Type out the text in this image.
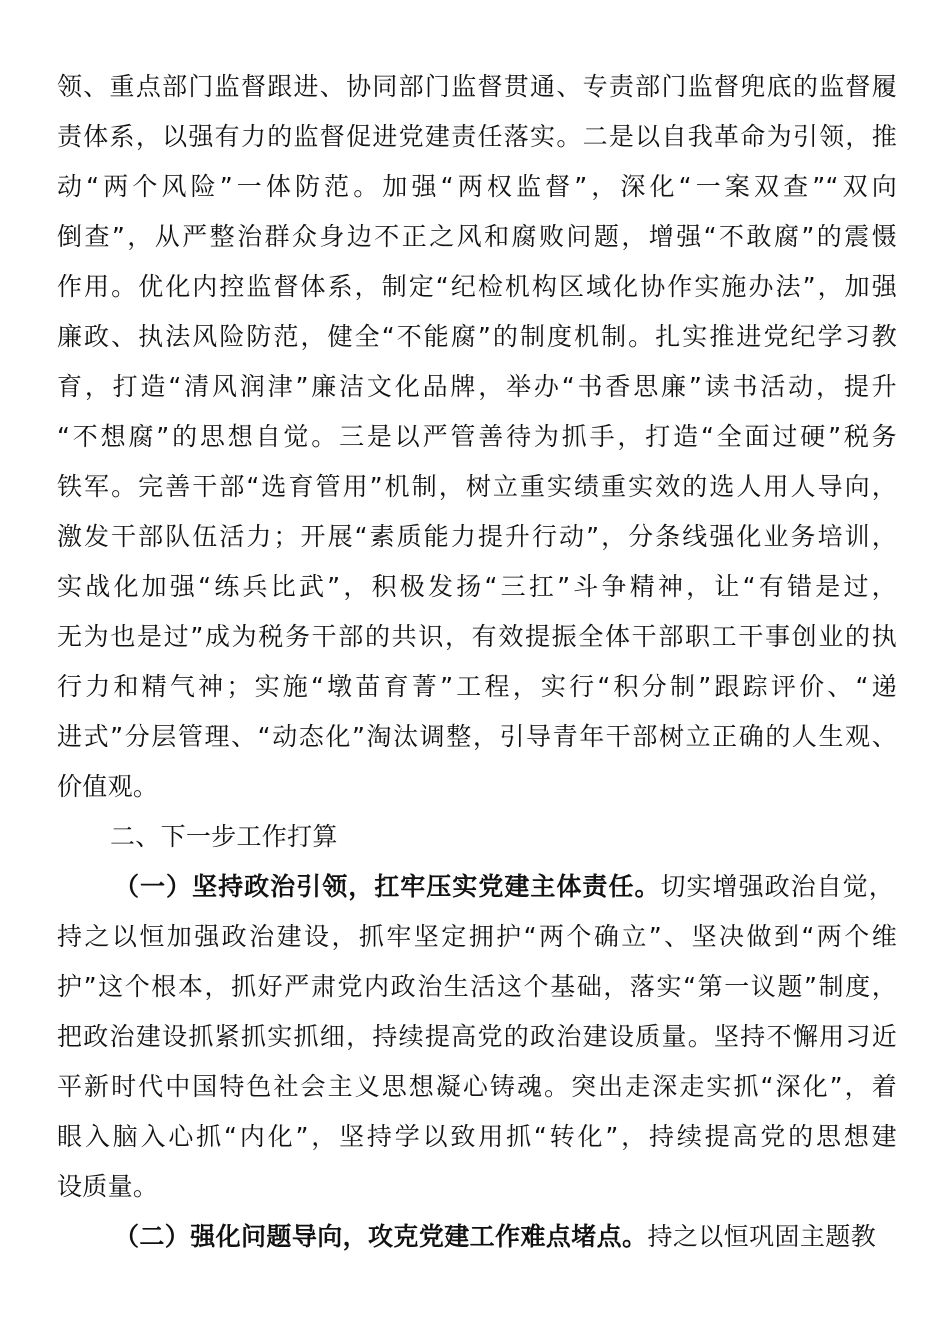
领、重点部门监督跟进、协同部门监督贯通、专责部门监督兜底的监督履
责体系，以强有力的监督促进党建责任落实。二是以自我革命为引领，推
动“两个风险”一体防范。加强“两权监督”，深化“一案双查”“双向
倒查”，从严整治群众身边不正之风和腐败问题，增强“不敢腐”的震慑
作用。优化内控监督体系，制定“纪检机构区域化协作实施办法”，加强
廉政、执法风险防范，健全“不能腐”的制度机制。扎实推进党纪学习教
育，打造“清风润津”廉洁文化品牌，举办“书香思廉”读书活动，提升
“不想腐”的思想自觉。三是以严管善待为抓手，打造“全面过硬”税务
铁军。完善干部“选育管用”机制，树立重实绩重实效的选人用人导向，
激发干部队伍活力；开展“素质能力提升行动”，分条线强化业务培训，
实战化加强“练兵比武”，积极发扬“三扛”斗争精神，让“有错是过，
无为也是过”成为税务干部的共识，有效提振全体干部职工干事创业的执
行力和精气神；实施“墩苗育菁”工程，实行“积分制”跟踪评价、“递
进式”分层管理、“动态化”淘汰调整，引导青年干部树立正确的人生观、
价值观。
二、下一步工作打算
（一）坚持政治引领，扛牢压实党建主体责任。切实增强政治自觉，
持之以恒加强政治建设，抓牢坚定拥护“两个确立”、坚决做到“两个维
护”这个根本，抓好严肃党内政治生活这个基础，落实“第一议题”制度，
把政治建设抓紧抓实抓细，持续提高党的政治建设质量。坚持不懈用习近
平新时代中国特色社会主义思想凝心铸魂。突出走深走实抓“深化”，着
眼入脑入心抓“内化”，坚持学以致用抓“转化”，持续提高党的思想建
设质量。
（二）强化问题导向，攻克党建工作难点堵点。持之以恒巩固主题教
